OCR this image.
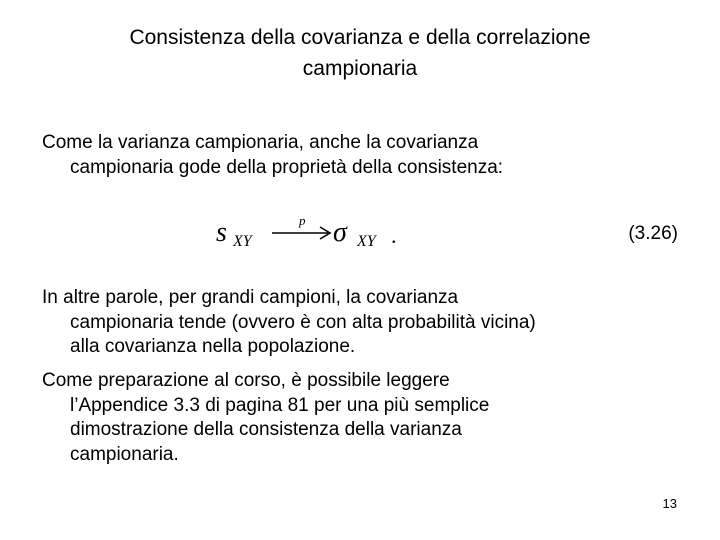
Consistenza della covarianza e della correlazione
campionaria

Come la varianza campionaria, anche la covarianza
campionaria gode della proprietà della consistenza:

s XY
p σ XY .	(3.26)

In altre parole, per grandi campioni, la covarianza
campionaria tende (ovvero è con alta probabilità vicina)
alla covarianza nella popolazione.

Come preparazione al corso, è possibile leggere
l’Appendice 3.3 di pagina 81 per una più semplice
dimostrazione della consistenza della varianza
campionaria.

13
